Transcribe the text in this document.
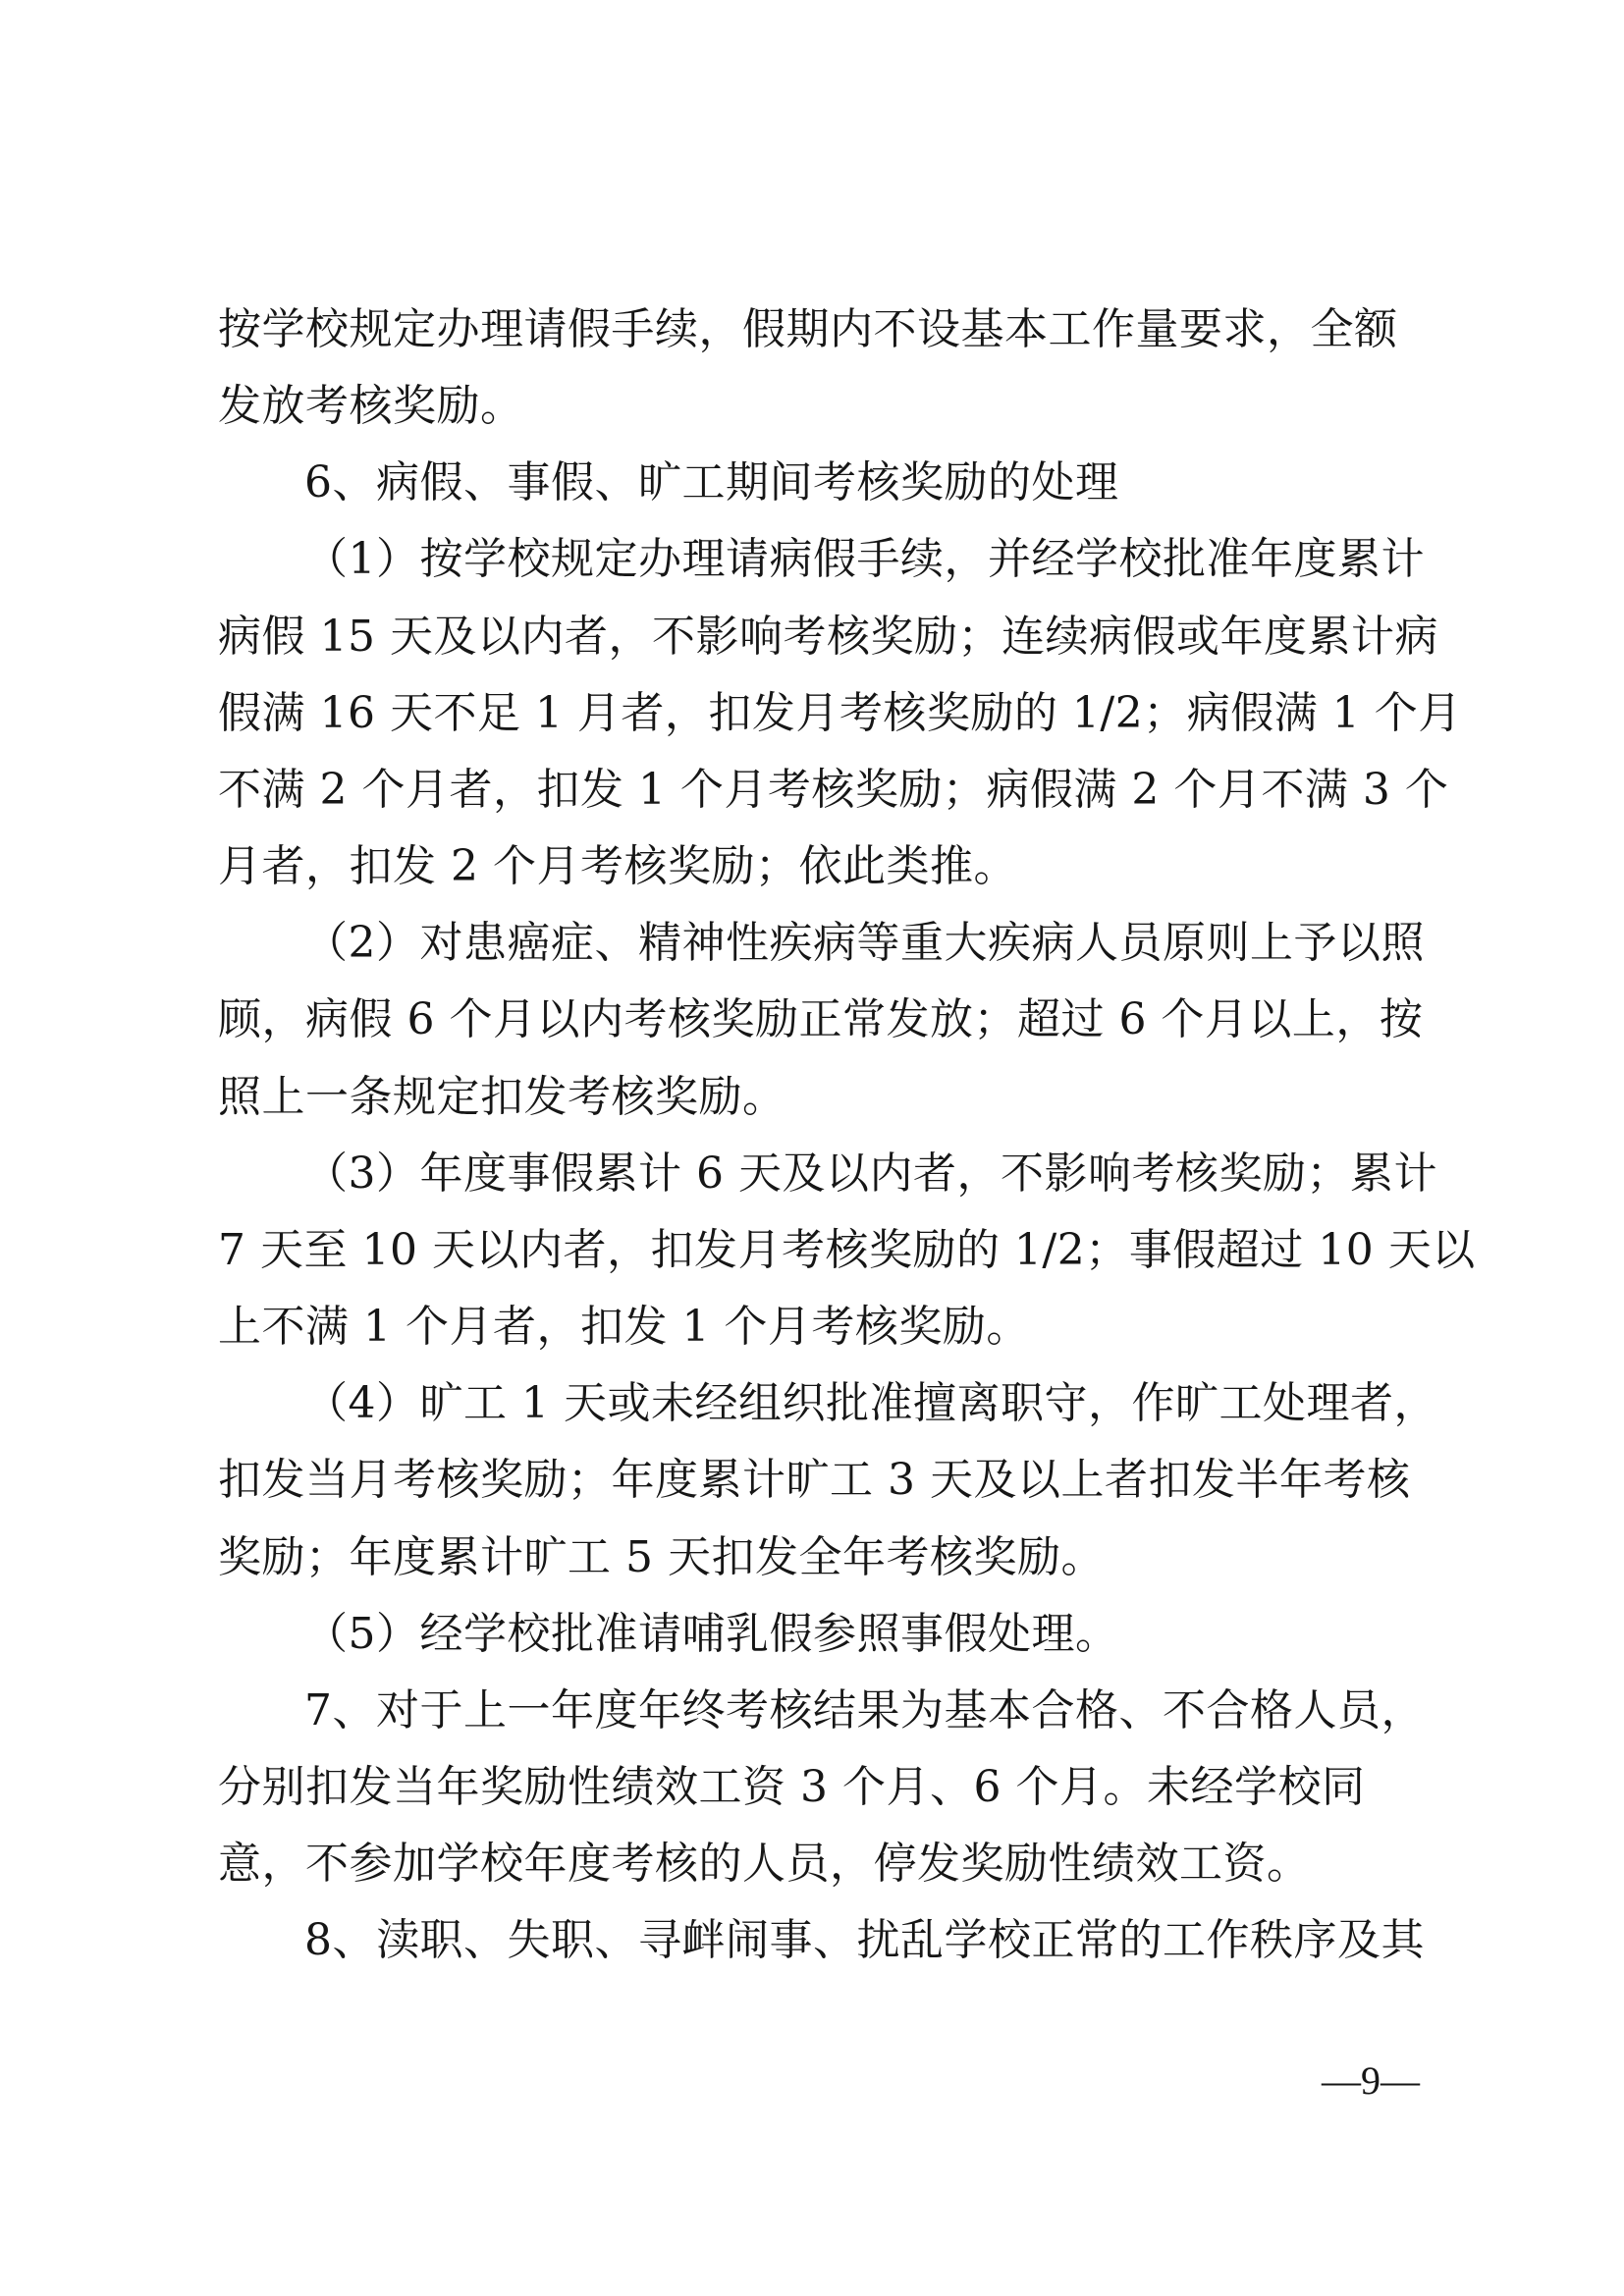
按学校规定办理请假手续，假期内不设基本工作量要求，全额
发放考核奖励。
6、病假、事假、旷工期间考核奖励的处理
（1）按学校规定办理请病假手续，并经学校批准年度累计
病假 15 天及以内者，不影响考核奖励；连续病假或年度累计病
假满 16 天不足 1 月者，扣发月考核奖励的 1/2；病假满 1 个月
不满 2 个月者，扣发 1 个月考核奖励；病假满 2 个月不满 3 个
月者，扣发 2 个月考核奖励；依此类推。
（2）对患癌症、精神性疾病等重大疾病人员原则上予以照
顾，病假 6 个月以内考核奖励正常发放；超过 6 个月以上，按
照上一条规定扣发考核奖励。
（3）年度事假累计 6 天及以内者，不影响考核奖励；累计
7 天至 10 天以内者，扣发月考核奖励的 1/2；事假超过 10 天以
上不满 1 个月者，扣发 1 个月考核奖励。
（4）旷工 1 天或未经组织批准擅离职守，作旷工处理者，
扣发当月考核奖励；年度累计旷工 3 天及以上者扣发半年考核
奖励；年度累计旷工 5 天扣发全年考核奖励。
（5）经学校批准请哺乳假参照事假处理。
7、对于上一年度年终考核结果为基本合格、不合格人员，
分别扣发当年奖励性绩效工资 3 个月、6 个月。未经学校同
意，不参加学校年度考核的人员，停发奖励性绩效工资。
8、渎职、失职、寻衅闹事、扰乱学校正常的工作秩序及其
—9—
